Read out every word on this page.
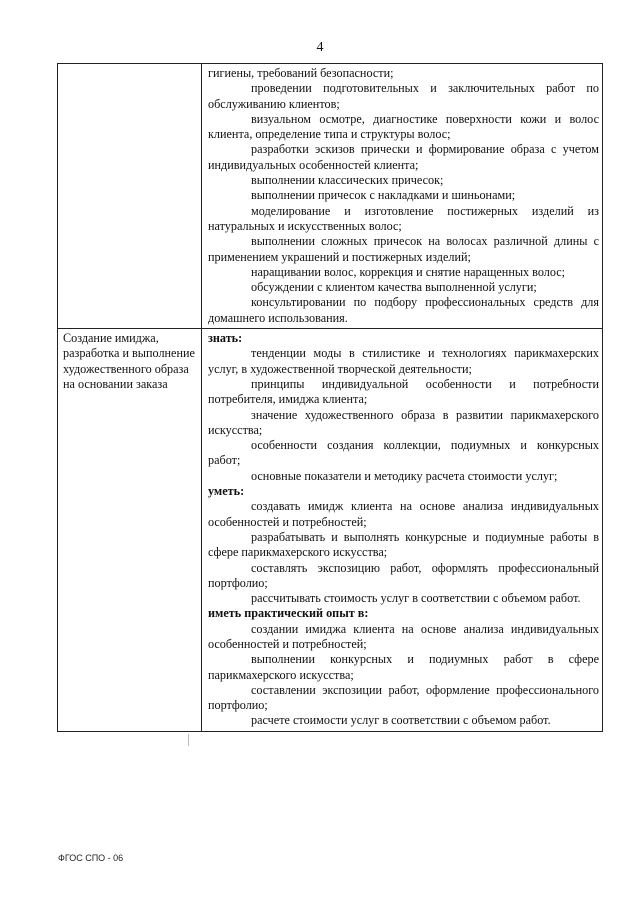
4

гигиены, требований безопасности;

проведении подготовительных и заключительных работ по обслуживанию клиентов;

визуальном осмотре, диагностике поверхности кожи и волос клиента, определение типа и структуры волос;

разработки эскизов прически и формирование образа с учетом индивидуальных особенностей клиента;

выполнении классических причесок;

выполнении причесок с накладками и шиньонами;

моделирование и изготовление постижерных изделий из натуральных и искусственных волос;

выполнении сложных причесок на волосах различной длины с применением украшений и постижерных изделий;

наращивании волос, коррекция и снятие наращенных волос;

обсуждении с клиентом качества выполненной услуги;

консультировании по подбору профессиональных средств для домашнего использования.

Создание имиджа, разработка и выполнение художественного образа на основании заказа

знать:

тенденции моды в стилистике и технологиях парикмахерских услуг, в художественной творческой деятельности;

принципы индивидуальной особенности и потребности потребителя, имиджа клиента;

значение художественного образа в развитии парикмахерского искусства;

особенности создания коллекции, подиумных и конкурсных работ;

основные показатели и методику расчета стоимости услуг;

уметь:

создавать имидж клиента на основе анализа индивидуальных особенностей и потребностей;

разрабатывать и выполнять конкурсные и подиумные работы в сфере парикмахерского искусства;

составлять экспозицию работ, оформлять профессиональный портфолио;

рассчитывать стоимость услуг в соответствии с объемом работ.

иметь практический опыт в:

создании имиджа клиента на основе анализа индивидуальных особенностей и потребностей;

выполнении конкурсных и подиумных работ в сфере парикмахерского искусства;

составлении экспозиции работ, оформление профессионального портфолио;

расчете стоимости услуг в соответствии с объемом работ.

ФГОС СПО - 06
